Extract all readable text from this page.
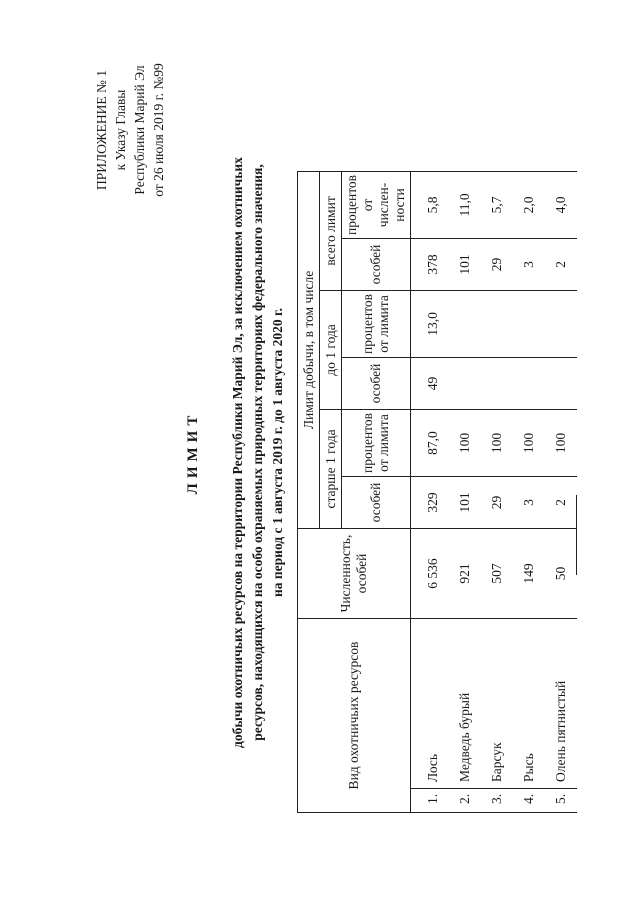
ПРИЛОЖЕНИЕ № 1 к Указу Главы Республики Марий Эл от 26 июля 2019 г. №99
ЛИМИТ добычи охотничьих ресурсов на территории Республики Марий Эл, за исключением охотничьих ресурсов, находящихся на особо охраняемых природных территориях федерального значения, на период с 1 августа 2019 г. до 1 августа 2020 г.
Вид охотничьих ресурсов		Численность, особей	Лимит добычи, в том числе					
			старше 1 года		до 1 года		всего лимит	
			особей	процентов от лимита	особей	процентов от лимита	особей	процентов от числен-ности
1.	Лось	6 536	329	87,0	49	13,0	378	5,8
2.	Медведь бурый	921	101	100			101	11,0
3.	Барсук	507	29	100			29	5,7
4.	Рысь	149	3	100			3	2,0
5.	Олень пятнистый	50	2	100			2	4,0
